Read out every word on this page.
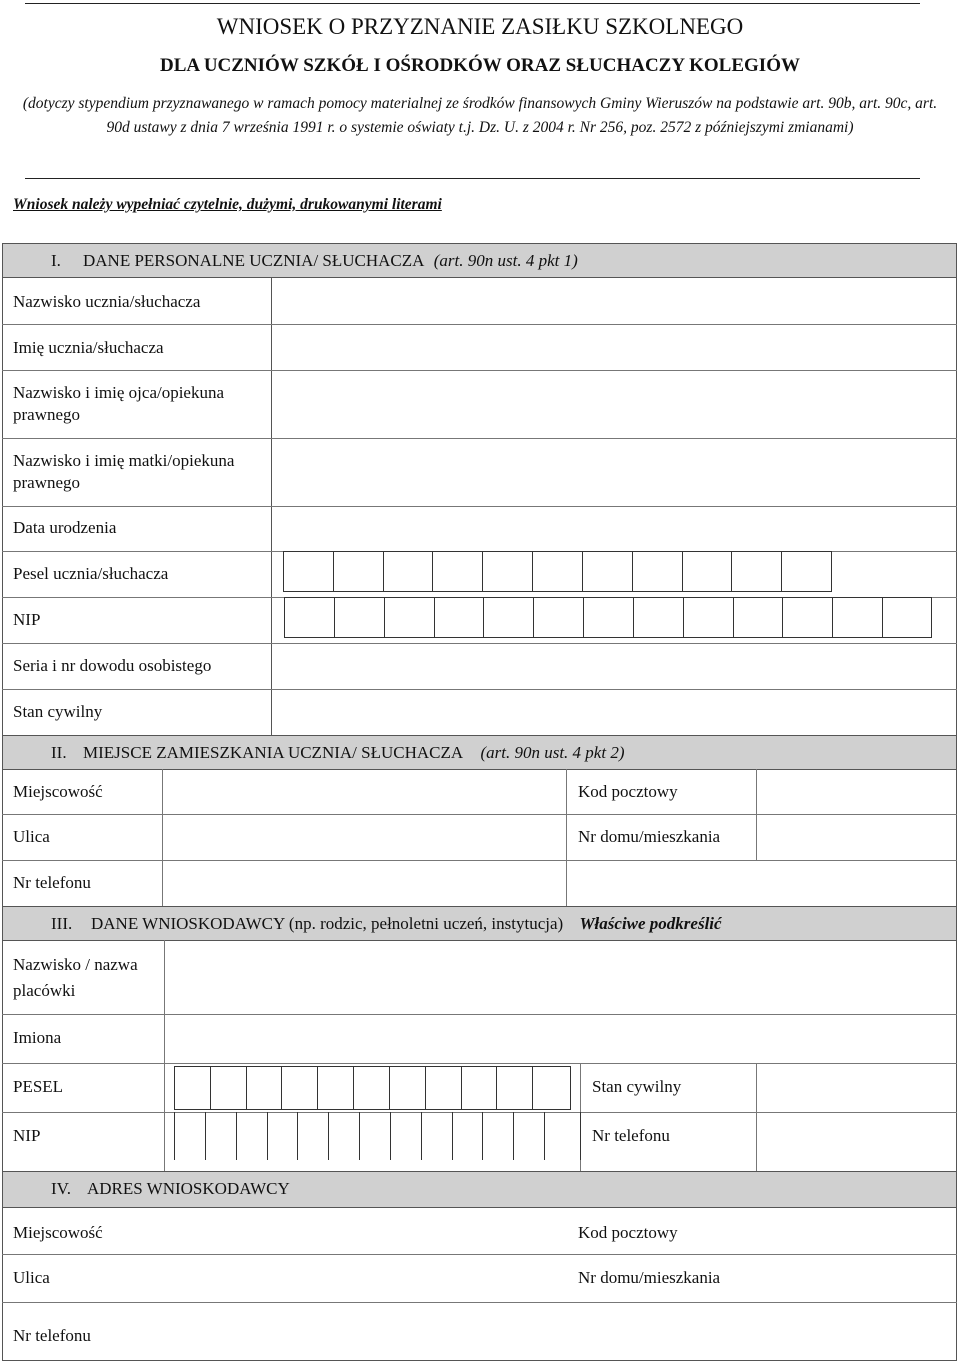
WNIOSEK O PRZYZNANIE ZASIŁKU SZKOLNEGO
DLA UCZNIÓW SZKÓŁ I OŚRODKÓW ORAZ SŁUCHACZY KOLEGIÓW
(dotyczy stypendium przyznawanego w ramach pomocy materialnej ze środków finansowych Gminy Wieruszów na podstawie art. 90b, art. 90c, art. 90d ustawy z dnia 7 września 1991 r. o systemie oświaty t.j. Dz. U. z 2004 r. Nr 256, poz. 2572 z późniejszymi zmianami)
Wniosek należy wypełniać czytelnie, dużymi, drukowanymi literami
I. DANE PERSONALNE UCZNIA/ SŁUCHACZA (art. 90n ust. 4 pkt 1)
Nazwisko ucznia/słuchacza
Imię ucznia/słuchacza
Nazwisko i imię ojca/opiekuna prawnego
Nazwisko i imię matki/opiekuna prawnego
Data urodzenia
Pesel ucznia/słuchacza
NIP
Seria i nr dowodu osobistego
Stan cywilny
II. MIEJSCE ZAMIESZKANIA UCZNIA/ SŁUCHACZA (art. 90n ust. 4 pkt 2)
Miejscowość
Ulica
Nr telefonu
Kod pocztowy
Nr domu/mieszkania
III. DANE WNIOSKODAWCY (np. rodzic, pełnoletni uczeń, instytucja) Właściwe podkreślić
Nazwisko / nazwa placówki
Imiona
PESEL
NIP
Stan cywilny
Nr telefonu
IV. ADRES WNIOSKODAWCY
Miejscowość
Ulica
Nr telefonu
Kod pocztowy
Nr domu/mieszkania
